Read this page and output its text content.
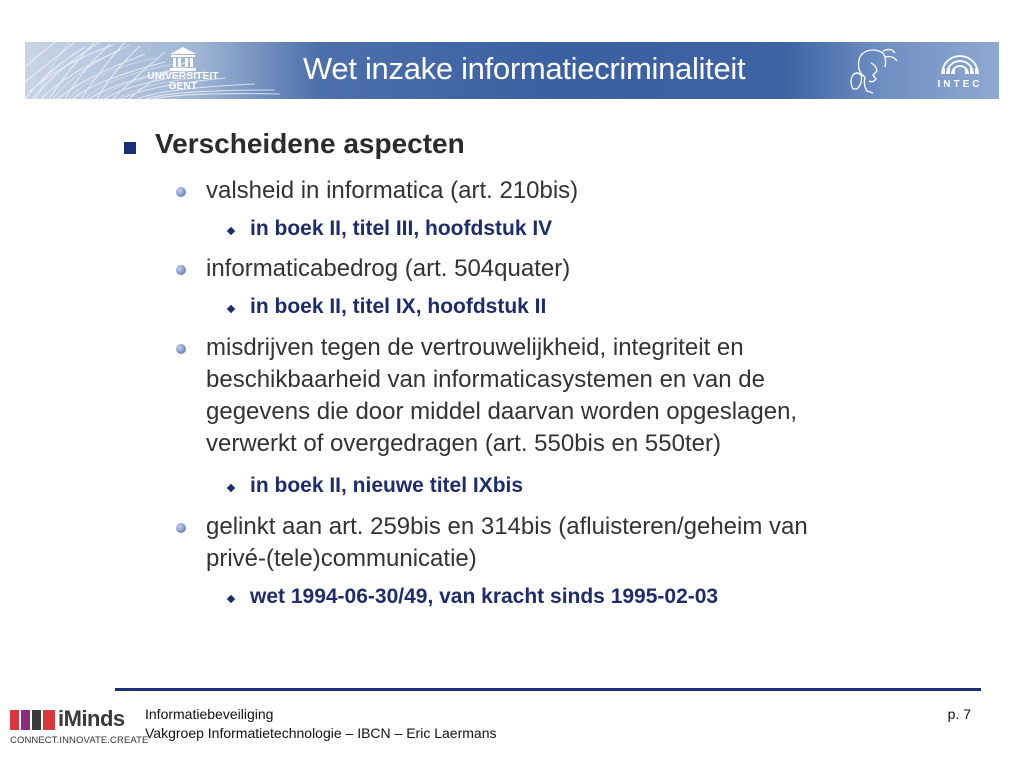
UNIVERSITEIT
GENT
Wet inzake informatiecriminaliteit	INTEC
Verscheidene aspecten
valsheid in informatica (art. 210bis)
in boek II, titel III, hoofdstuk IV
informaticabedrog (art. 504quater)
in boek II, titel IX, hoofdstuk II
misdrijven tegen de vertrouwelijkheid, integriteit en
beschikbaarheid van informaticasystemen en van de
gegevens die door middel daarvan worden opgeslagen,
verwerkt of overgedragen (art. 550bis en 550ter)
in boek II, nieuwe titel IXbis
gelinkt aan art. 259bis en 314bis (afluisteren/geheim van
privé-(tele)communicatie)
wet 1994-06-30/49, van kracht sinds 1995-02-03
iMinds
CONNECT.INNOVATE.CREATE
Informatiebeveiliging
Vakgroep Informatietechnologie – IBCN – Eric Laermans
p. 7
